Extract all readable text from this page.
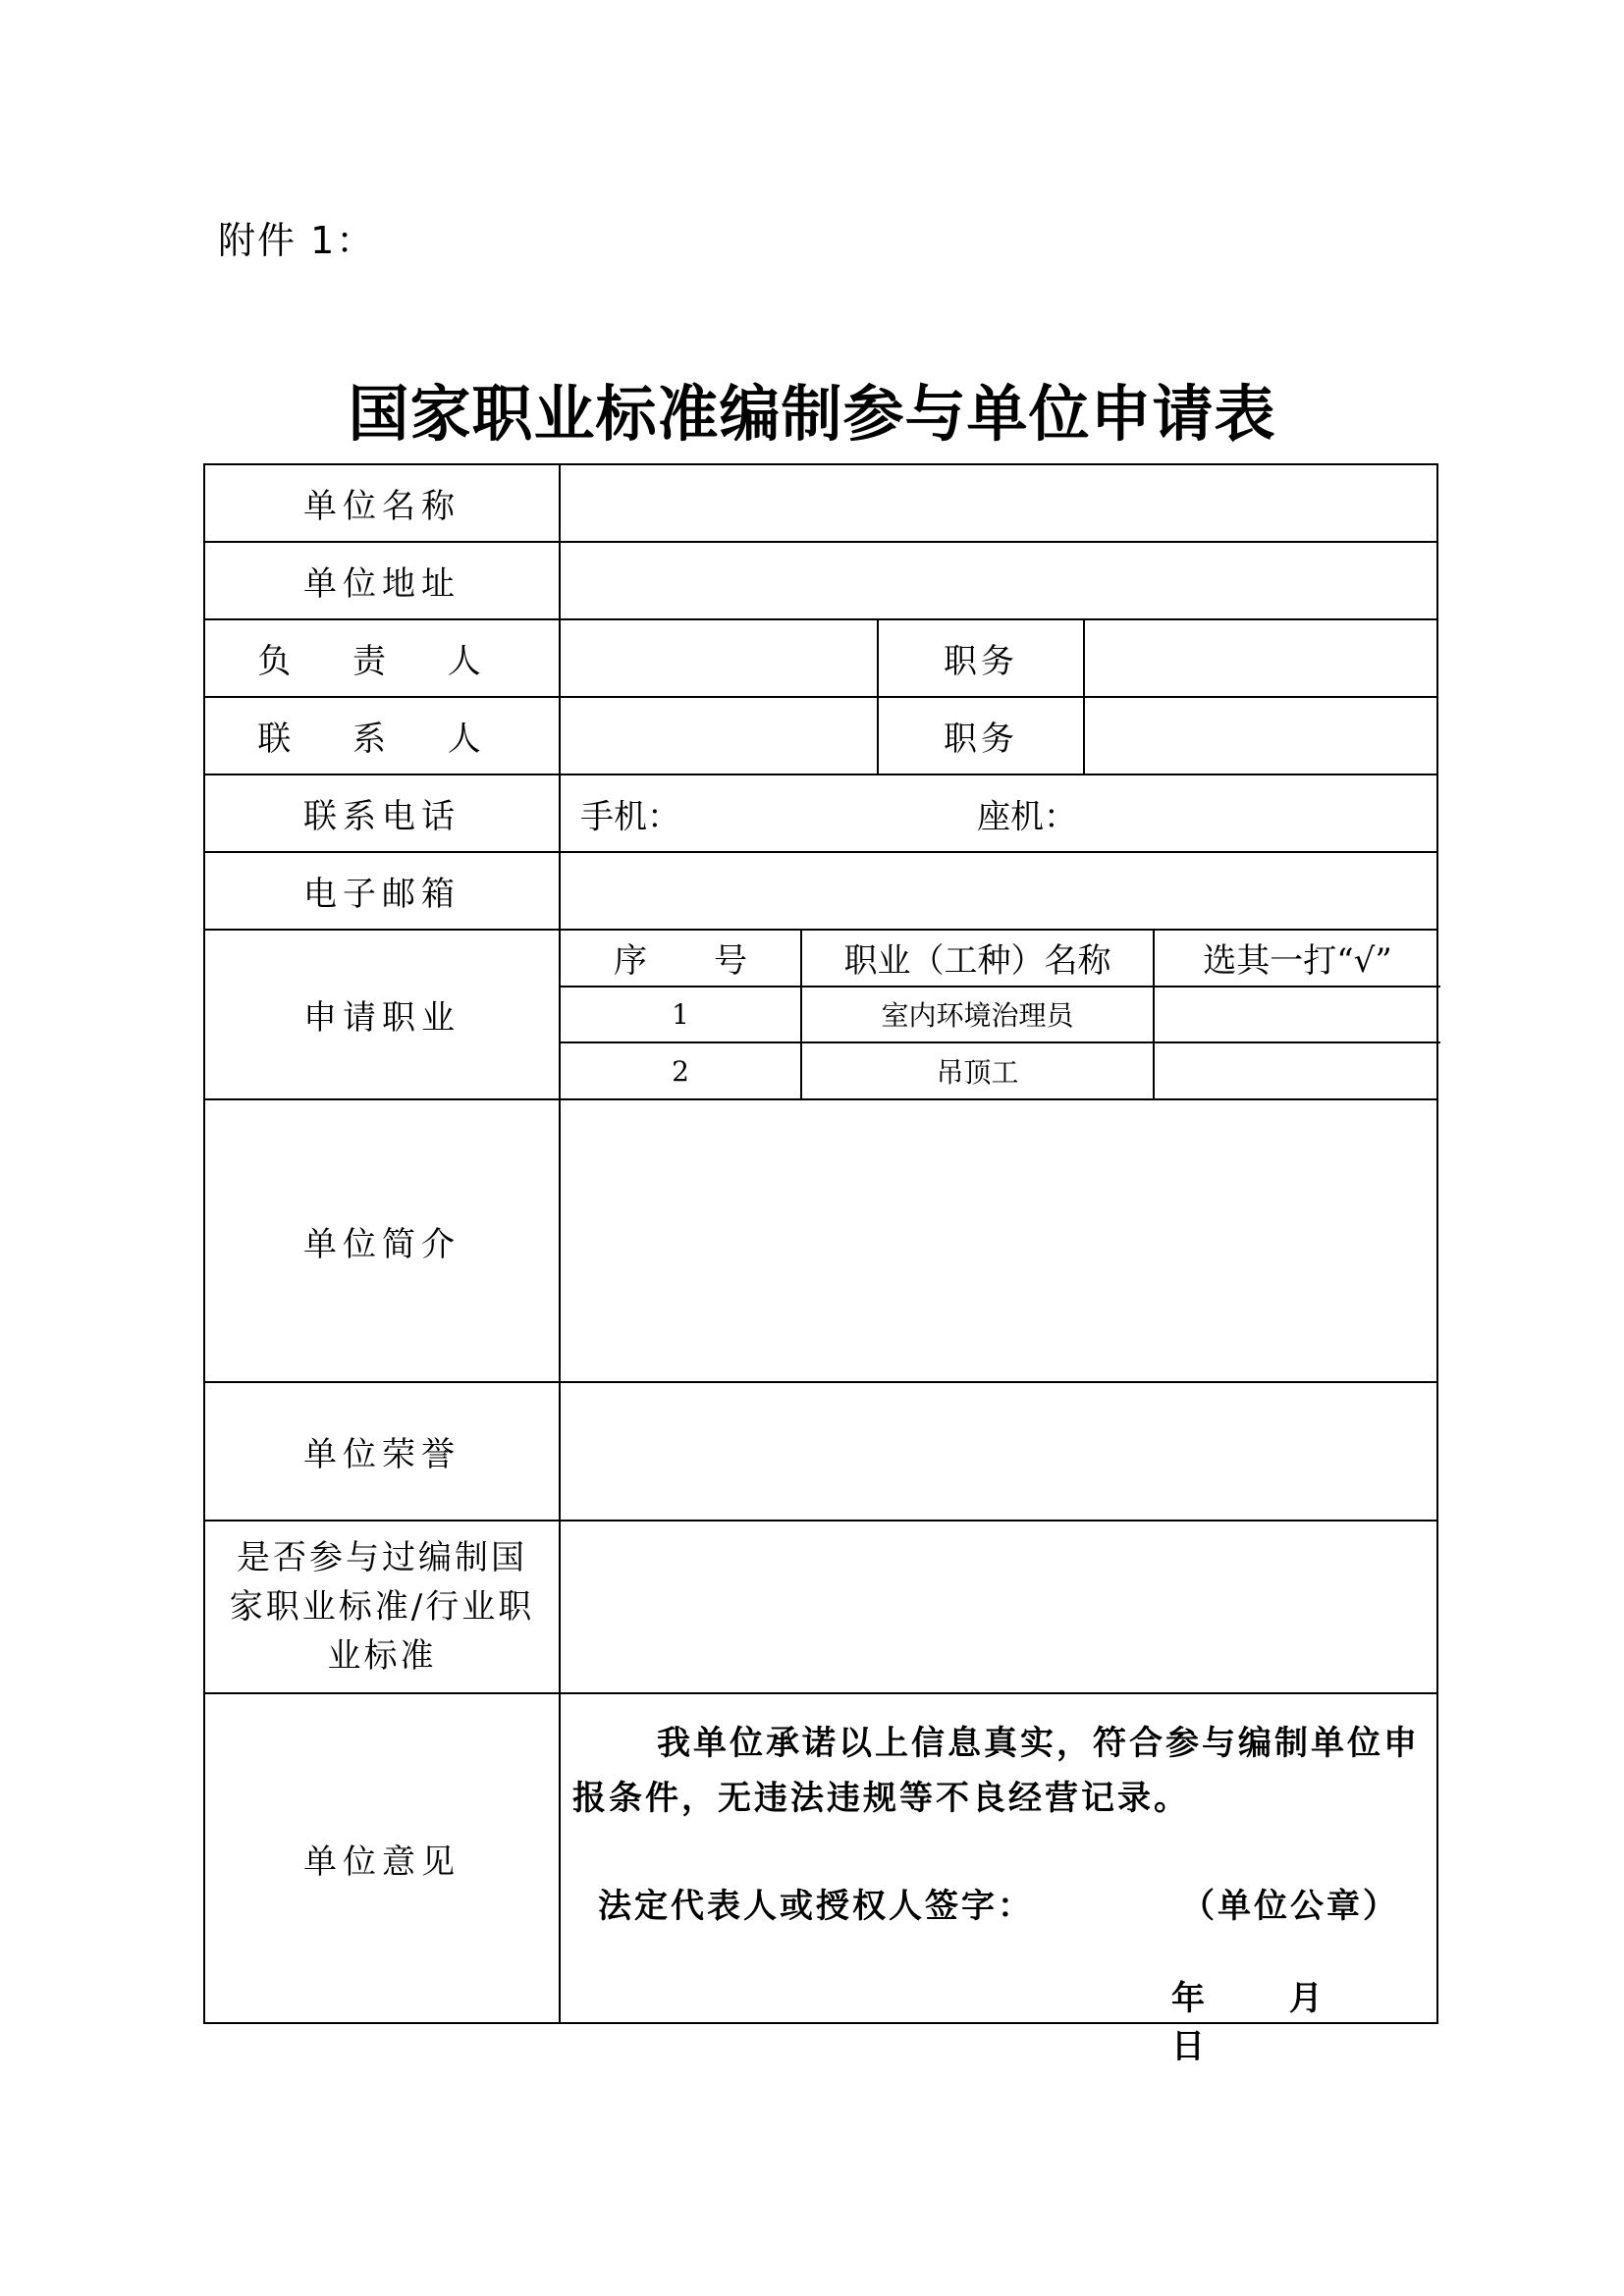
附件 1：
国家职业标准编制参与单位申请表
单位名称	
单位地址	
负 责 人		职务	
联 系 人		职务	
联系电话	手机：	座机：

电子邮箱	
申请职业	
序　　号	职业（工种）名称	选其一打“√”
1	室内环境治理员	
2	吊顶工	

单位简介	
单位荣誉	

是否参与过编制国
家职业标准/行业职
业标准

单位意见	
我单位承诺以上信息真实，符合参与编制单位申报条件，无违法违规等不良经营记录。
法定代表人或授权人签字：	（单位公章）
年	月 日
